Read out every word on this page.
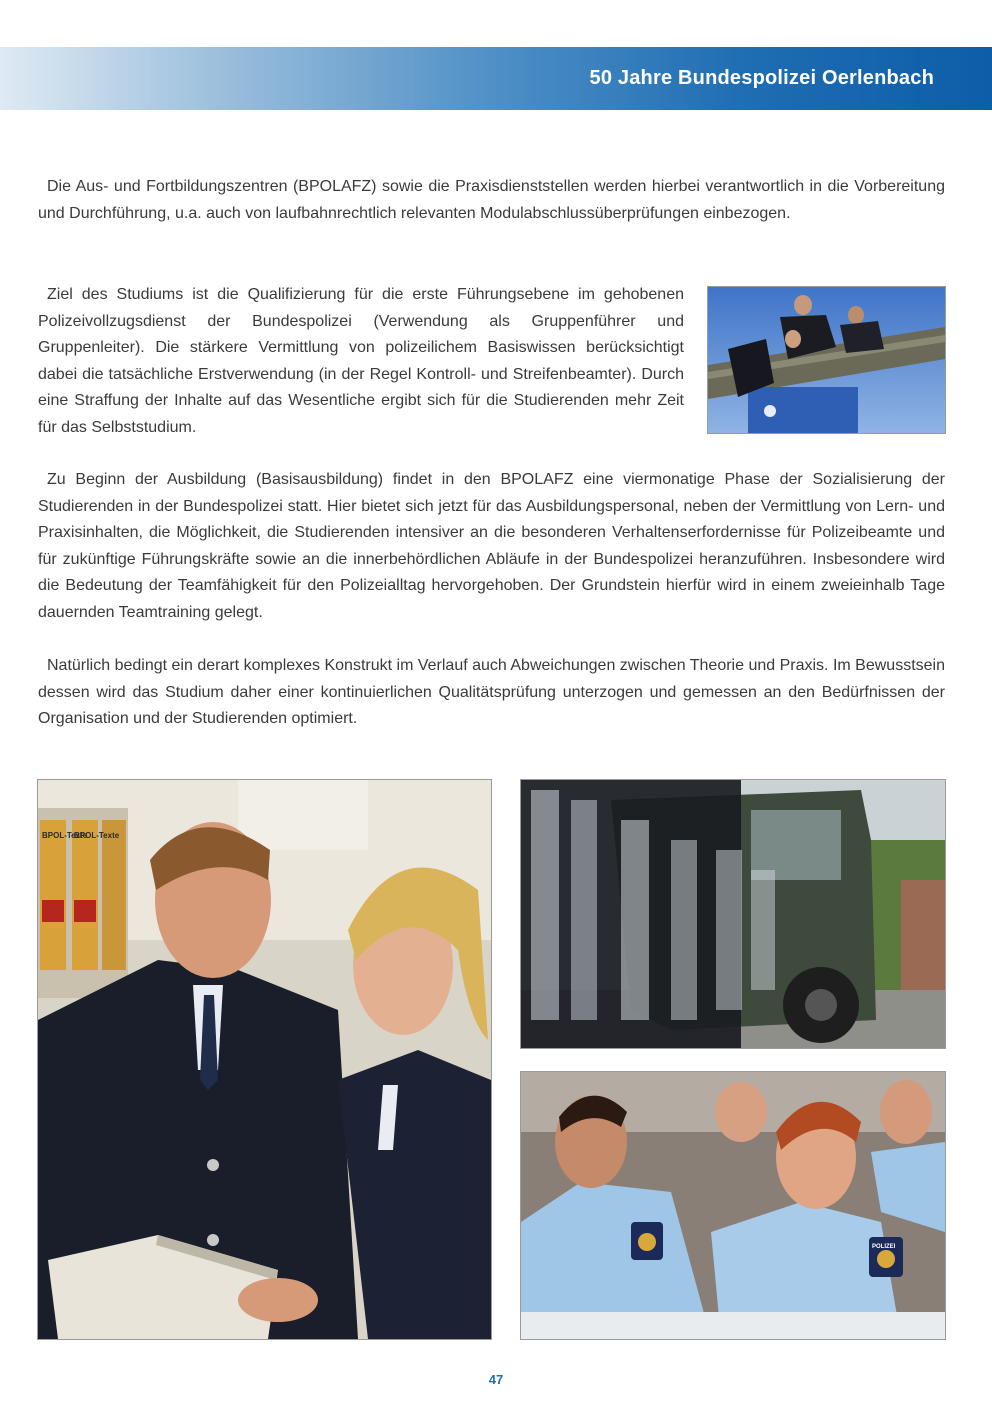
50 Jahre Bundespolizei Oerlenbach

Die Aus- und Fortbildungszentren (BPOLAFZ) sowie die Praxisdienststellen werden hierbei verantwortlich in die Vorbereitung und Durchführung, u.a. auch von laufbahnrechtlich relevanten Modulabschlussüberprüfungen einbezogen.

Ziel des Studiums ist die Qualifizierung für die erste Führungsebene im gehobenen Polizeivollzugsdienst der Bundespolizei (Verwendung als Gruppenführer und Gruppenleiter). Die stärkere Vermittlung von polizeilichem Basiswissen berücksichtigt dabei die tatsächliche Erstverwendung (in der Regel Kontroll- und Streifenbeamter). Durch eine Straffung der Inhalte auf das Wesentliche ergibt sich für die Studierenden mehr Zeit für das Selbststudium.

Zu Beginn der Ausbildung (Basisausbildung) findet in den BPOLAFZ eine viermonatige Phase der Sozialisierung der Studierenden in der Bundespolizei statt. Hier bietet sich jetzt für das Ausbildungspersonal, neben der Vermittlung von Lern- und Praxisinhalten, die Möglichkeit, die Studierenden intensiver an die besonderen Verhaltenserfordernisse für Polizeibeamte und für zukünftige Führungskräfte sowie an die innerbehördlichen Abläufe in der Bundespolizei heranzuführen. Insbesondere wird die Bedeutung der Teamfähigkeit für den Polizeialltag hervorgehoben. Der Grundstein hierfür wird in einem zweieinhalb Tage dauernden Teamtraining gelegt.

Natürlich bedingt ein derart komplexes Konstrukt im Verlauf auch Abweichungen zwischen Theorie und Praxis. Im Bewusstsein dessen wird das Studium daher einer kontinuierlichen Qualitätsprüfung unterzogen und gemessen an den Bedürfnissen der Organisation und der Studierenden optimiert.

BPOL-Texte
BPOL-Texte
POLIZEI
47
